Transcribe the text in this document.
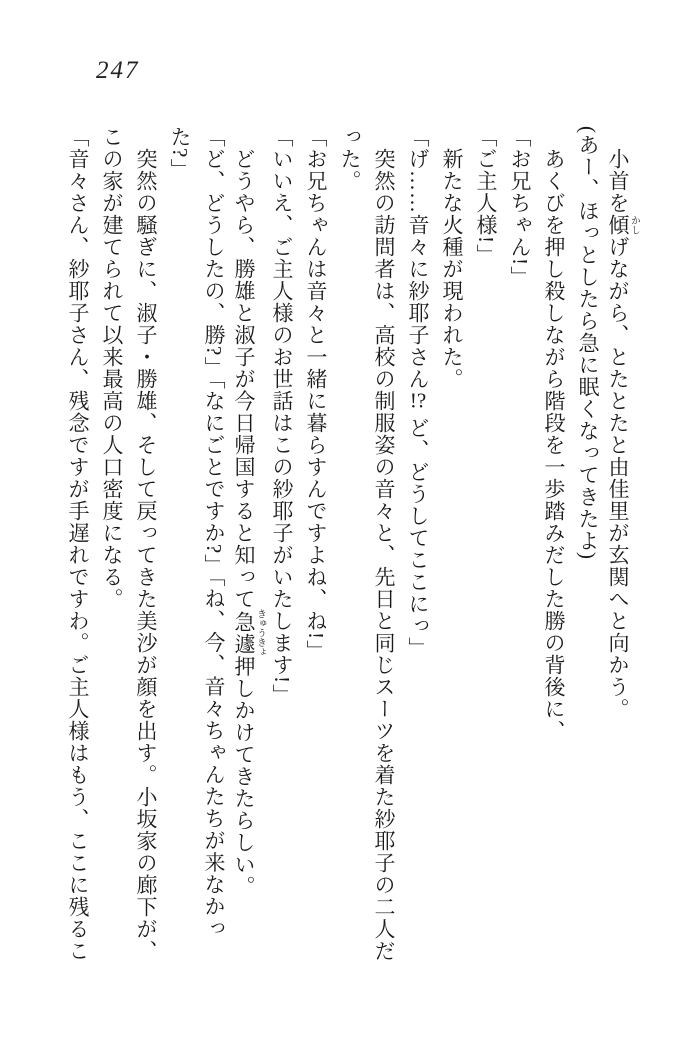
247
小首を傾 かしげながら、とたとたと由佳里が玄関へと向かう。
(あー、ほっとしたら急に眠くなってきたよ)
あくびを押し殺しながら階段を一歩踏みだした勝の背後に、
「お兄ちゃん!」
「ご主人様!」
新たな火種が現われた。
「げ……音々に紗耶子さん!? ど、どうしてここにっ」
突然の訪問者は、高校の制服姿の音々と、先日と同じスーツを着た紗耶子の二人だ
った。
「お兄ちゃんは音々と一緒に暮らすんですよね、ね!」
「いいえ、ご主人様のお世話はこの紗耶子がいたします!」
どうやら、勝雄と淑子が今日帰国すると知って急遽 きゅうきょ押しかけてきたらしい。
「ど、どうしたの、勝?」「なにごとですか?」「ね、今、音々ちゃんたちが来なかっ
た?」
突然の騒ぎに、淑子・勝雄、そして戻ってきた美沙が顔を出す。小坂家の廊下が、
この家が建てられて以来最高の人口密度になる。
「音々さん、紗耶子さん、残念ですが手遅れですわ。ご主人様はもう、ここに残るこ
